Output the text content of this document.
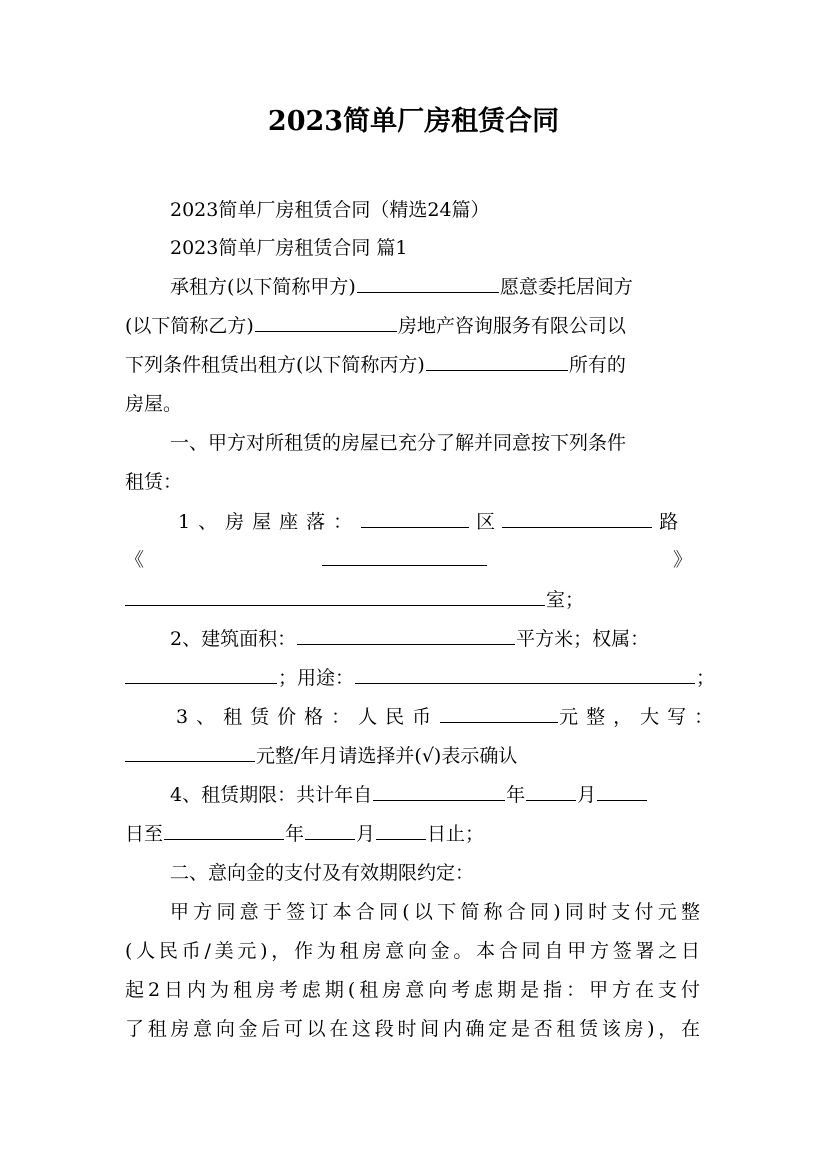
2023简单厂房租赁合同
2023简单厂房租赁合同（精选24篇）
2023简单厂房租赁合同 篇1
承租方(以下简称甲方)	愿意委托居间方
(以下简称乙方)	房地产咨询服务有限公司以
下列条件租赁出租方(以下简称丙方)	所有的
房屋。
一、甲方对所租赁的房屋已充分了解并同意按下列条件
租赁：
1、房屋座落：	区	路
《	》
室；
2、建筑面积：	平方米；权属：
；用途：	；
3、租赁价格：人民币	元整，大写：
元整/年月请选择并(√)表示确认
4、租赁期限：共计年自	年	月
日至	年	月	日止；
二、意向金的支付及有效期限约定：
甲方同意于签订本合同(以下简称合同)同时支付元整
(人民币/美元)，作为租房意向金。本合同自甲方签署之日
起2日内为租房考虑期(租房意向考虑期是指：甲方在支付
了租房意向金后可以在这段时间内确定是否租赁该房)，在
